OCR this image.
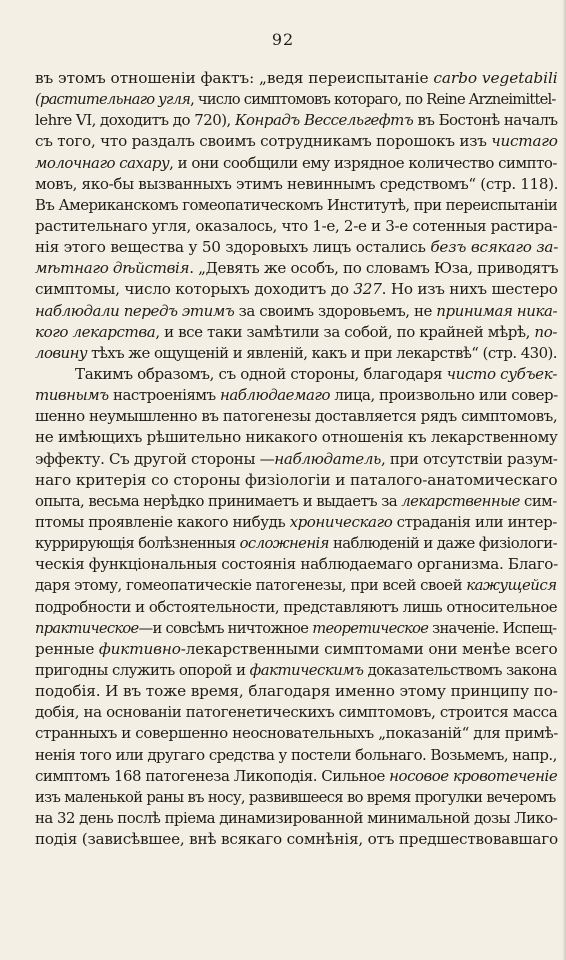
92
въ этомъ отношеніи фактъ: „ведя переиспытаніе carbo vegetabili
(растительнаго угля, число симптомовъ котораго, по Reine Arzneimittel-
lehre VI, доходитъ до 720), Конрадъ Вессельгефтъ въ Бостонѣ началъ
съ того, что раздалъ своимъ сотрудникамъ порошокъ изъ чистаго
молочнаго сахару, и они сообщили ему изрядное количество симпто-
мовъ, яко-бы вызванныхъ этимъ невиннымъ средствомъ“ (стр. 118).
Въ Американскомъ гомеопатическомъ Институтѣ, при переиспытаніи
растительнаго угля, оказалось, что 1-е, 2-е и 3-е сотенныя растира-
нія этого вещества у 50 здоровыхъ лицъ остались безъ всякаго за-
мѣтнаго дѣйствія. „Девять же особъ, по словамъ Юза, приводятъ
симптомы, число которыхъ доходитъ до 327. Но изъ нихъ шестеро
наблюдали передъ этимъ за своимъ здоровьемъ, не принимая ника-
кого лекарства, и все таки замѣтили за собой, по крайней мѣрѣ, по-
ловину тѣхъ же ощущеній и явленій, какъ и при лекарствѣ“ (стр. 430).
Такимъ образомъ, съ одной стороны, благодаря чисто субъек-
тивнымъ настроеніямъ наблюдаемаго лица, произвольно или совер-
шенно неумышленно въ патогенезы доставляется рядъ симптомовъ,
не имѣющихъ рѣшительно никакого отношенія къ лекарственному
эффекту. Съ другой стороны —наблюдатель, при отсутствіи разум-
наго критерія со стороны физіологіи и паталого-анатомическаго
опыта, весьма нерѣдко принимаетъ и выдаетъ за лекарственные сим-
птомы проявленіе какого нибудь хроническаго страданія или интер-
куррирующія болѣзненныя осложненія наблюденій и даже физіологи-
ческія функціональныя состоянія наблюдаемаго организма. Благо-
даря этому, гомеопатическіе патогенезы, при всей своей кажущейся
подробности и обстоятельности, представляютъ лишь относительное
практическое—и совсѣмъ ничтожное теоретическое значеніе. Испещ-
ренные фиктивно-лекарственными симптомами они менѣе всего
пригодны служить опорой и фактическимъ доказательствомъ закона
подобія. И въ тоже время, благодаря именно этому принципу по-
добія, на основаніи патогенетическихъ симптомовъ, строится масса
странныхъ и совершенно неосновательныхъ „показаній“ для примѣ-
ненія того или другаго средства у постели больнаго. Возьмемъ, напр.,
симптомъ 168 патогенеза Ликоподія. Сильное носовое кровотеченіе
изъ маленькой раны въ носу, развившееся во время прогулки вечеромъ
на 32 день послѣ пріема динамизированной минимальной дозы Лико-
подія (зависѣвшее, внѣ всякаго сомнѣнія, отъ предшествовавшаго
